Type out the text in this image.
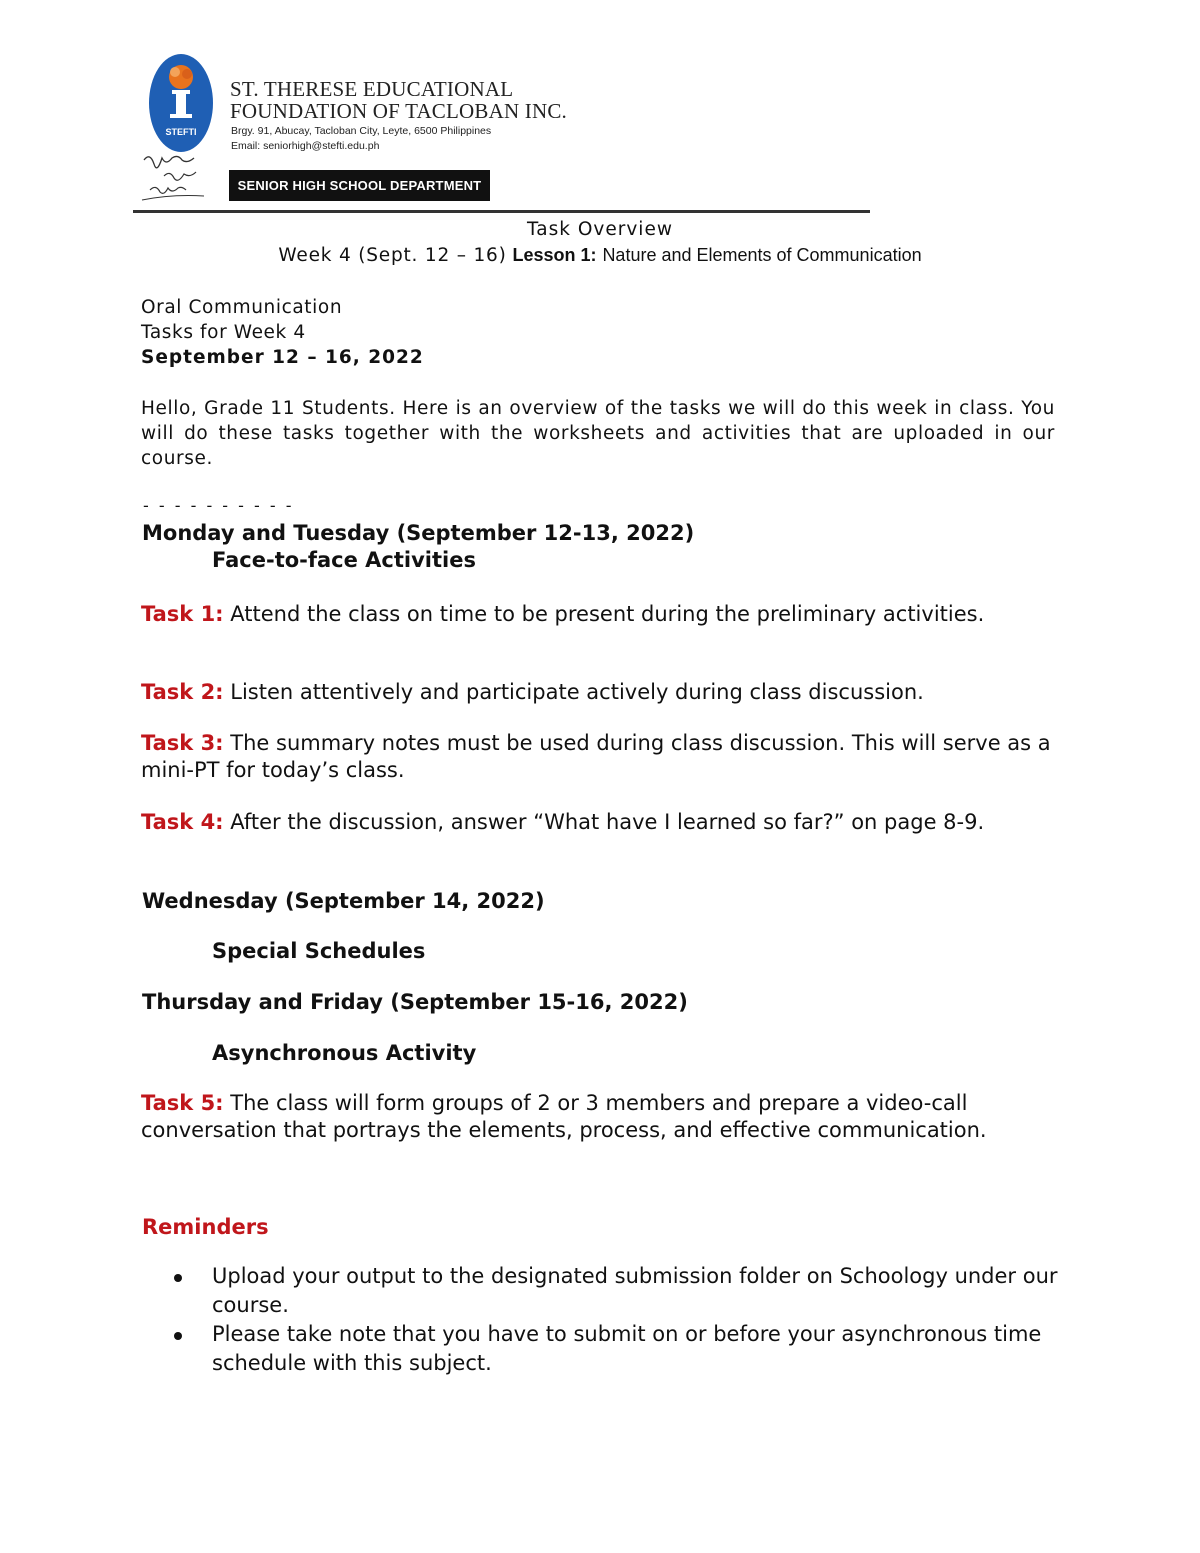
STEFTI
ST. THERESE EDUCATIONAL
FOUNDATION OF TACLOBAN INC.
Brgy. 91, Abucay, Tacloban City, Leyte, 6500 Philippines
Email: seniorhigh@stefti.edu.ph
SENIOR HIGH SCHOOL DEPARTMENT
Task Overview
Week 4 (Sept. 12 – 16) Lesson 1: Nature and Elements of Communication
Oral Communication
Tasks for Week 4
September 12 – 16, 2022
Hello, Grade 11 Students. Here is an overview of the tasks we will do this week in class. You will do these tasks together with the worksheets and activities that are uploaded in our course.
- - - - - - - - - -
Monday and Tuesday (September 12-13, 2022)
Face-to-face Activities
Task 1: Attend the class on time to be present during the preliminary activities.
Task 2: Listen attentively and participate actively during class discussion.
Task 3: The summary notes must be used during class discussion. This will serve as a mini-PT for today’s class.
Task 4: After the discussion, answer “What have I learned so far?” on page 8-9.
Wednesday (September 14, 2022)
Special Schedules
Thursday and Friday (September 15-16, 2022)
Asynchronous Activity
Task 5: The class will form groups of 2 or 3 members and prepare a video-call conversation that portrays the elements, process, and effective communication.
Reminders
Upload your output to the designated submission folder on Schoology under our course.
Please take note that you have to submit on or before your asynchronous time schedule with this subject.
